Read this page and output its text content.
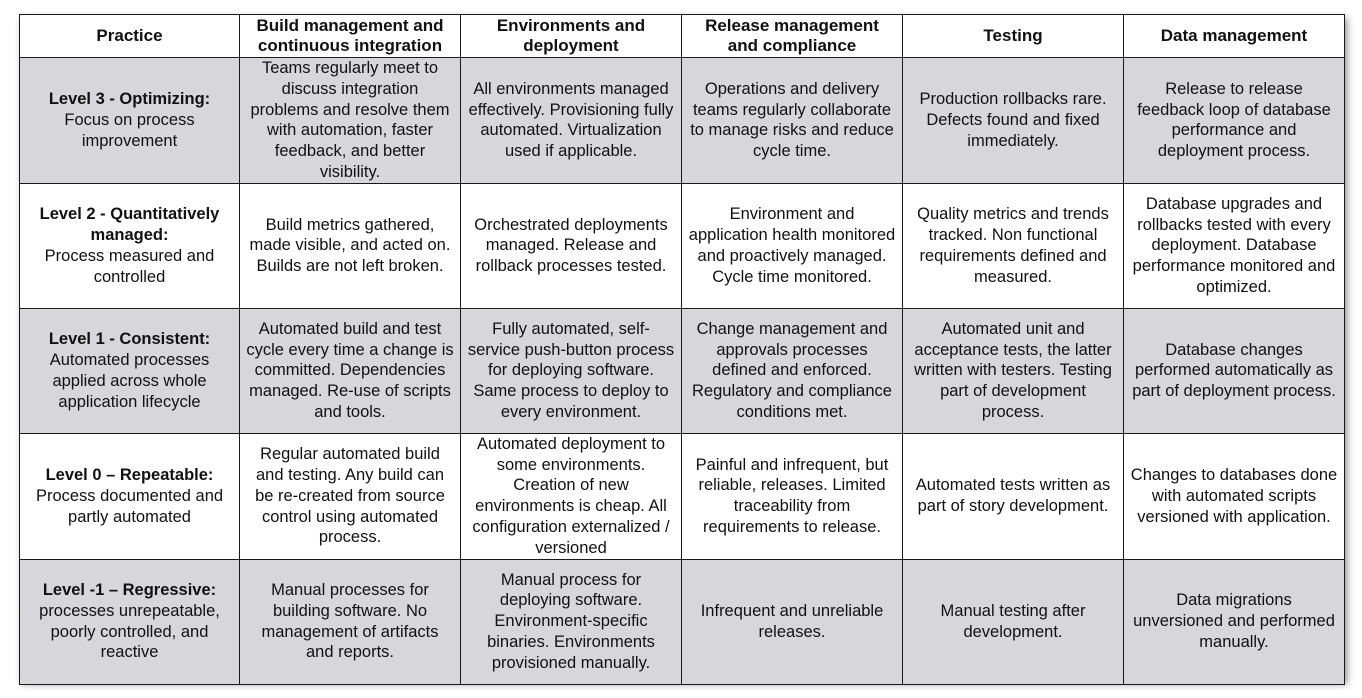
Practice	Build management and continuous integration	Environments and deployment	Release management and compliance	Testing	Data management

Level 3 - Optimizing:
Focus on process improvement	Teams regularly meet to discuss integration problems and resolve them with automation, faster feedback, and better visibility.	All environments managed effectively. Provisioning fully automated. Virtualization used if applicable.	Operations and delivery teams regularly collaborate to manage risks and reduce cycle time.	Production rollbacks rare. Defects found and fixed immediately.	Release to release feedback loop of database performance and deployment process.

Level 2 - Quantitatively managed:
Process measured and controlled	Build metrics gathered, made visible, and acted on. Builds are not left broken.	Orchestrated deployments managed. Release and rollback processes tested.	Environment and application health monitored and proactively managed. Cycle time monitored.	Quality metrics and trends tracked. Non functional requirements defined and measured.	Database upgrades and rollbacks tested with every deployment. Database performance monitored and optimized.

Level 1 - Consistent:
Automated processes applied across whole application lifecycle	Automated build and test cycle every time a change is committed. Dependencies managed. Re-use of scripts and tools.	Fully automated, self-service push-button process for deploying software. Same process to deploy to every environment.	Change management and approvals processes defined and enforced. Regulatory and compliance conditions met.	Automated unit and acceptance tests, the latter written with testers. Testing part of development process.	Database changes performed automatically as part of deployment process.

Level 0 – Repeatable:
Process documented and partly automated	Regular automated build and testing. Any build can be re-created from source control using automated process.	Automated deployment to some environments. Creation of new environments is cheap. All configuration externalized / versioned	Painful and infrequent, but reliable, releases. Limited traceability from requirements to release.	Automated tests written as part of story development.	Changes to databases done with automated scripts versioned with application.

Level -1 – Regressive:
processes unrepeatable, poorly controlled, and reactive	Manual processes for building software. No management of artifacts and reports.	Manual process for deploying software. Environment-specific binaries. Environments provisioned manually.	Infrequent and unreliable releases.	Manual testing after development.	Data migrations unversioned and performed manually.
